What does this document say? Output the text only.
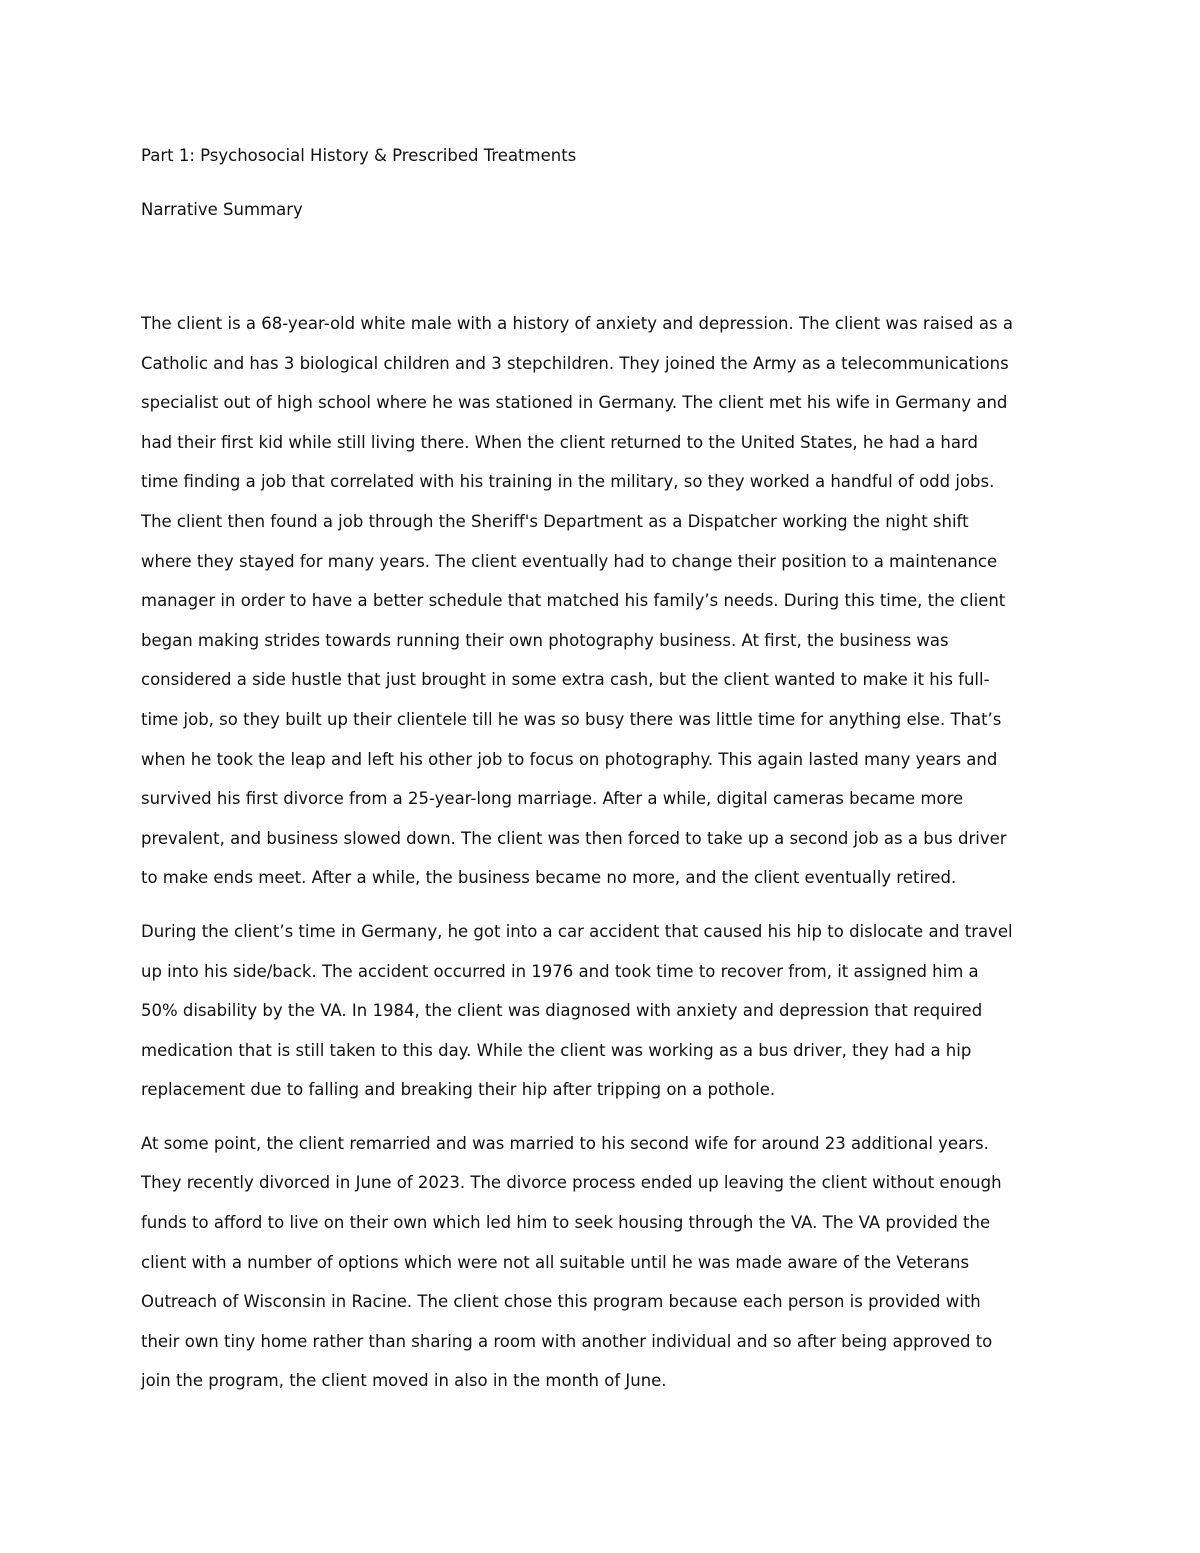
Part 1: Psychosocial History & Prescribed Treatments
Narrative Summary

The client is a 68-year-old white male with a history of anxiety and depression. The client was raised as a
Catholic and has 3 biological children and 3 stepchildren. They joined the Army as a telecommunications
specialist out of high school where he was stationed in Germany. The client met his wife in Germany and
had their first kid while still living there. When the client returned to the United States, he had a hard
time finding a job that correlated with his training in the military, so they worked a handful of odd jobs.
The client then found a job through the Sheriff's Department as a Dispatcher working the night shift
where they stayed for many years. The client eventually had to change their position to a maintenance
manager in order to have a better schedule that matched his family’s needs. During this time, the client
began making strides towards running their own photography business. At first, the business was
considered a side hustle that just brought in some extra cash, but the client wanted to make it his full-
time job, so they built up their clientele till he was so busy there was little time for anything else. That’s
when he took the leap and left his other job to focus on photography. This again lasted many years and
survived his first divorce from a 25-year-long marriage. After a while, digital cameras became more
prevalent, and business slowed down. The client was then forced to take up a second job as a bus driver
to make ends meet. After a while, the business became no more, and the client eventually retired.

During the client’s time in Germany, he got into a car accident that caused his hip to dislocate and travel
up into his side/back. The accident occurred in 1976 and took time to recover from, it assigned him a
50% disability by the VA. In 1984, the client was diagnosed with anxiety and depression that required
medication that is still taken to this day. While the client was working as a bus driver, they had a hip
replacement due to falling and breaking their hip after tripping on a pothole.

At some point, the client remarried and was married to his second wife for around 23 additional years.
They recently divorced in June of 2023. The divorce process ended up leaving the client without enough
funds to afford to live on their own which led him to seek housing through the VA. The VA provided the
client with a number of options which were not all suitable until he was made aware of the Veterans
Outreach of Wisconsin in Racine. The client chose this program because each person is provided with
their own tiny home rather than sharing a room with another individual and so after being approved to
join the program, the client moved in also in the month of June.
